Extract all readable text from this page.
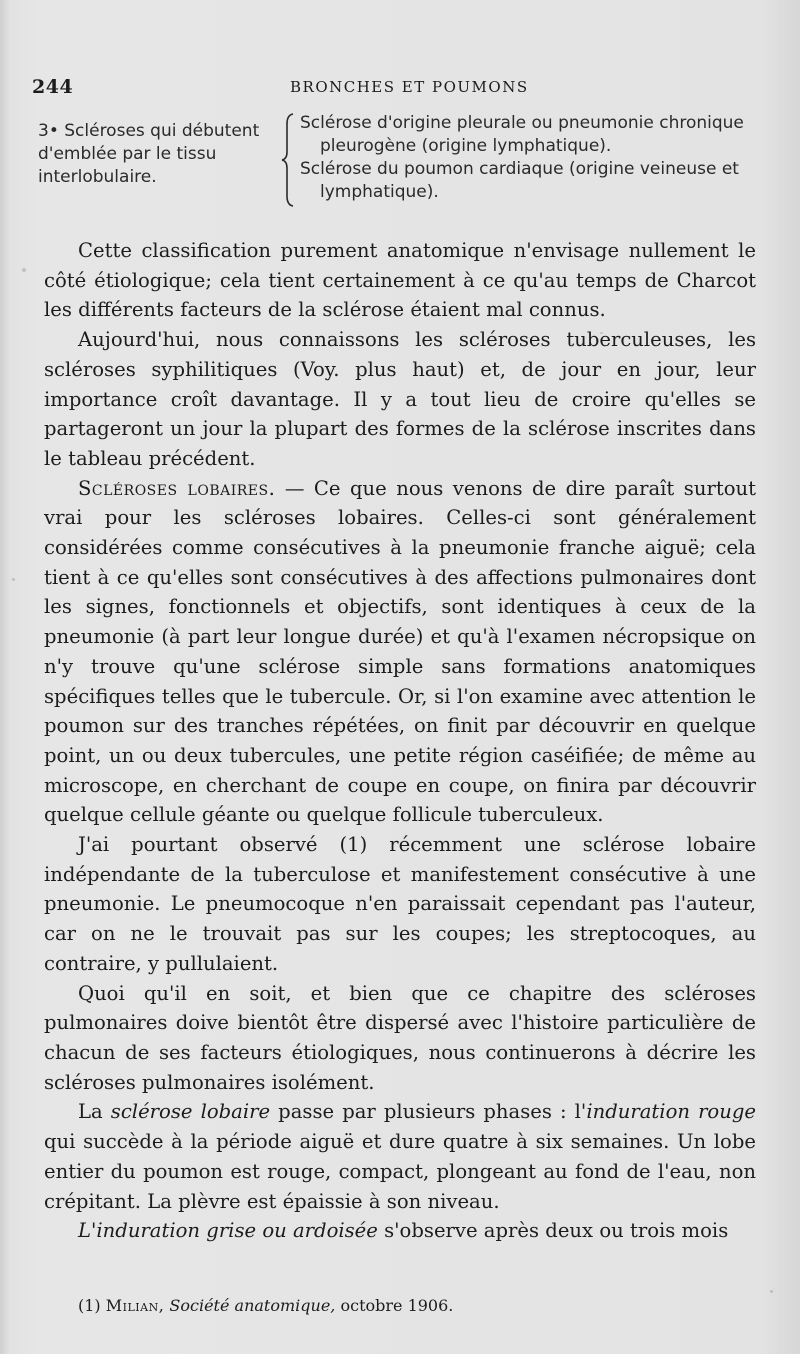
244	BRONCHES ET POUMONS
3• Scléroses qui débutent d'emblée par le tissu interlobulaire.

Sclérose d'origine pleurale ou pneumonie chronique pleurogène (origine lymphatique).

Sclérose du poumon cardiaque (origine veineuse et lymphatique).

Cette classification purement anatomique n'envisage nullement le côté étiologique; cela tient certainement à ce qu'au temps de Charcot les différents facteurs de la sclérose étaient mal connus.

Aujourd'hui, nous connaissons les scléroses tuberculeuses, les scléroses syphilitiques (Voy. plus haut) et, de jour en jour, leur importance croît davantage. Il y a tout lieu de croire qu'elles se partageront un jour la plupart des formes de la sclérose inscrites dans le tableau précédent.

Scléroses lobaires. — Ce que nous venons de dire paraît surtout vrai pour les scléroses lobaires. Celles-ci sont généralement considérées comme consécutives à la pneumonie franche aiguë; cela tient à ce qu'elles sont consécutives à des affections pulmonaires dont les signes, fonctionnels et objectifs, sont identiques à ceux de la pneumonie (à part leur longue durée) et qu'à l'examen nécropsique on n'y trouve qu'une sclérose simple sans formations anatomiques spécifiques telles que le tubercule. Or, si l'on examine avec attention le poumon sur des tranches répétées, on finit par découvrir en quelque point, un ou deux tubercules, une petite région caséifiée; de même au microscope, en cherchant de coupe en coupe, on finira par découvrir quelque cellule géante ou quelque follicule tuberculeux.

J'ai pourtant observé (1) récemment une sclérose lobaire indépendante de la tuberculose et manifestement consécutive à une pneumonie. Le pneumocoque n'en paraissait cependant pas l'auteur, car on ne le trouvait pas sur les coupes; les streptocoques, au contraire, y pullulaient.

Quoi qu'il en soit, et bien que ce chapitre des scléroses pulmonaires doive bientôt être dispersé avec l'histoire particulière de chacun de ses facteurs étiologiques, nous continuerons à décrire les scléroses pulmonaires isolément.

La sclérose lobaire passe par plusieurs phases : l'induration rouge qui succède à la période aiguë et dure quatre à six semaines. Un lobe entier du poumon est rouge, compact, plongeant au fond de l'eau, non crépitant. La plèvre est épaissie à son niveau.

L'induration grise ou ardoisée s'observe après deux ou trois mois

(1) Milian, Société anatomique, octobre 1906.
